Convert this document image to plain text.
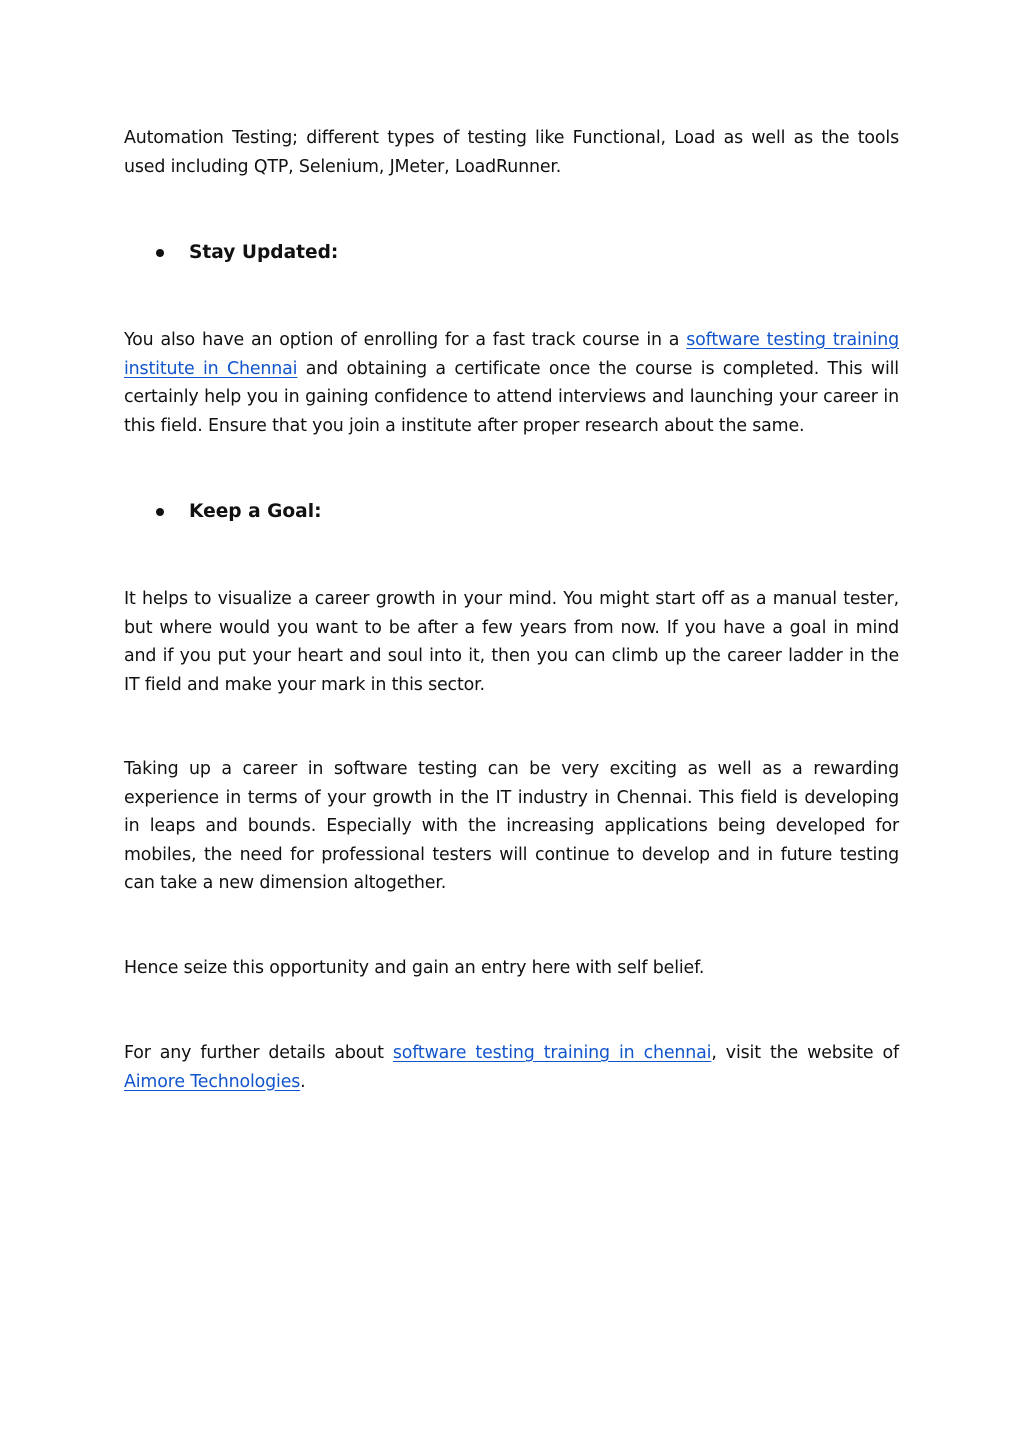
Automation Testing; different types of testing like Functional, Load as well as the tools used including QTP, Selenium, JMeter, LoadRunner.

Stay Updated:

You also have an option of enrolling for a fast track course in a software testing training institute in Chennai and obtaining a certificate once the course is completed. This will certainly help you in gaining confidence to attend interviews and launching your career in this field. Ensure that you join a institute after proper research about the same.

Keep a Goal:

It helps to visualize a career growth in your mind. You might start off as a manual tester, but where would you want to be after a few years from now. If you have a goal in mind and if you put your heart and soul into it, then you can climb up the career ladder in the IT field and make your mark in this sector.

Taking up a career in software testing can be very exciting as well as a rewarding experience in terms of your growth in the IT industry in Chennai. This field is developing in leaps and bounds. Especially with the increasing applications being developed for mobiles, the need for professional testers will continue to develop and in future testing can take a new dimension altogether.

Hence seize this opportunity and gain an entry here with self belief.

For any further details about software testing training in chennai, visit the website of Aimore Technologies.
